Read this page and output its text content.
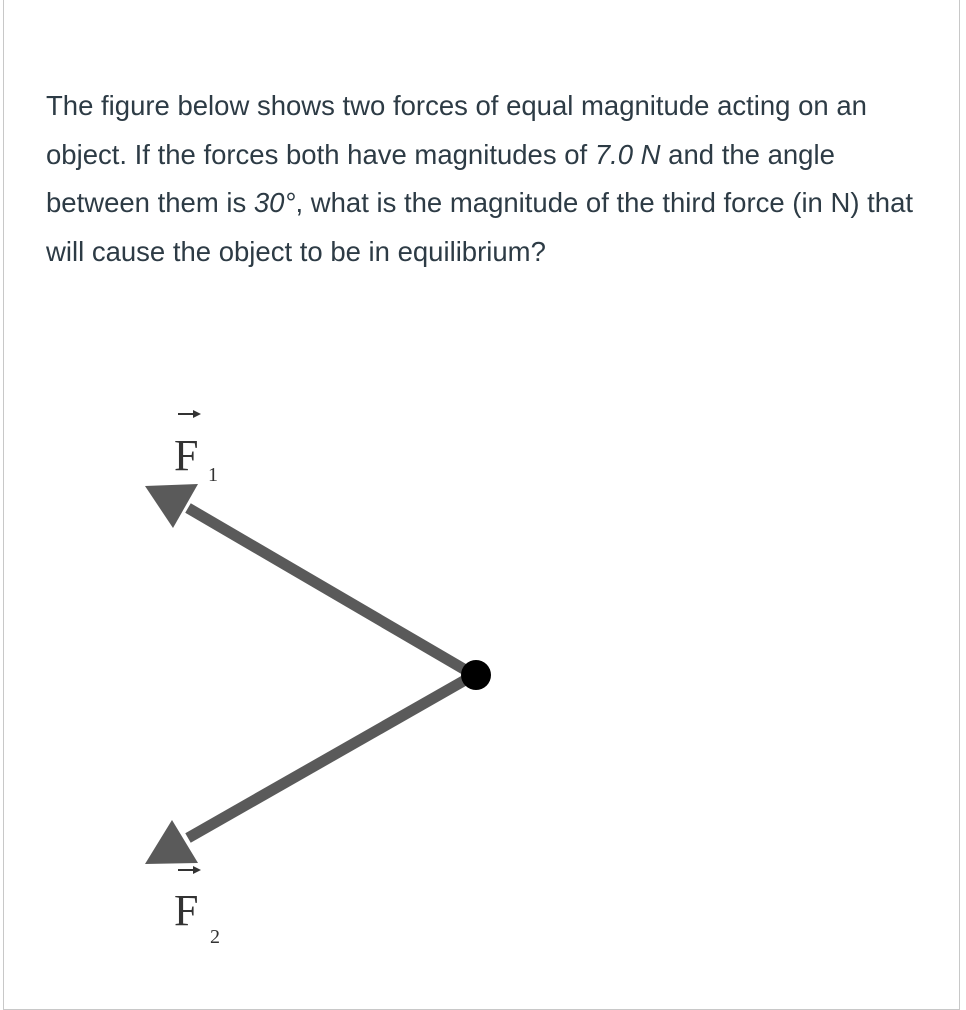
The figure below shows two forces of equal magnitude acting on an object. If the forces both have magnitudes of 7.0 N and the angle between them is 30°, what is the magnitude of the third force (in N) that will cause the object to be in equilibrium?

F 1
F
2
